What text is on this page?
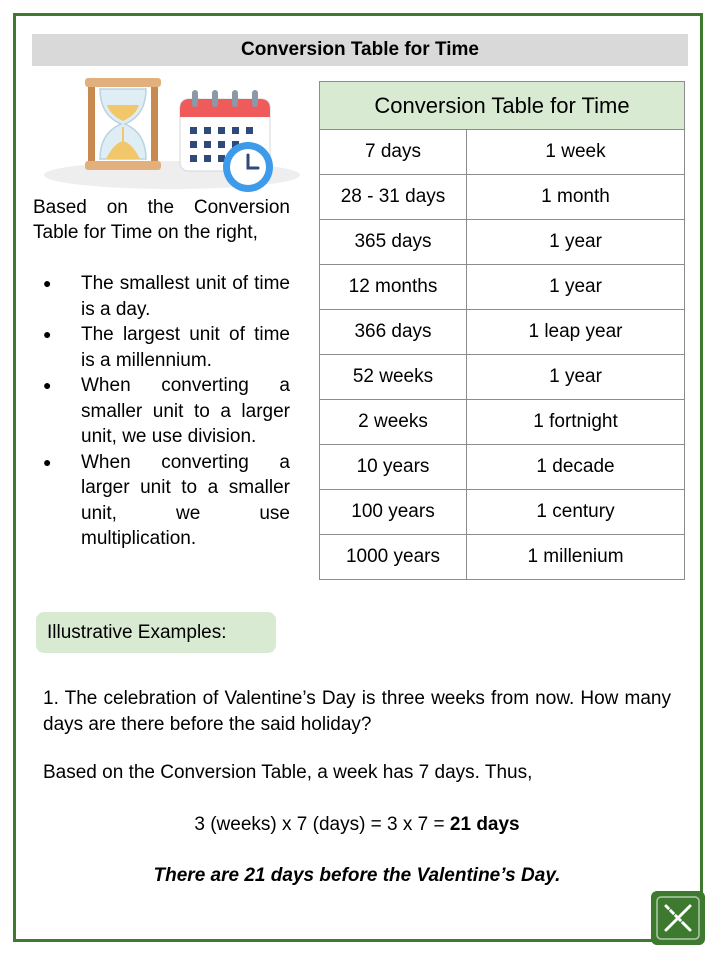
Conversion Table for Time

Based on the Conversion Table for Time on the right,

● The smallest unit of time is a day.
● The largest unit of time is a millennium.
● When converting a smaller unit to a larger unit, we use division.
● When converting a larger unit to a smaller unit, we use multiplication.
Conversion Table for Time	
7 days	1 week
28 - 31 days	1 month
365 days	1 year
12 months	1 year
366 days	1 leap year
52 weeks	1 year
2 weeks	1 fortnight
10 years	1 decade
100 years	1 century
1000 years	1 millenium
Illustrative Examples:

1. The celebration of Valentine’s Day is three weeks from now. How many days are there before the said holiday?

Based on the Conversion Table, a week has 7 days. Thus,

3 (weeks) x 7 (days) = 3 x 7 = 21 days

There are 21 days before the Valentine’s Day.
